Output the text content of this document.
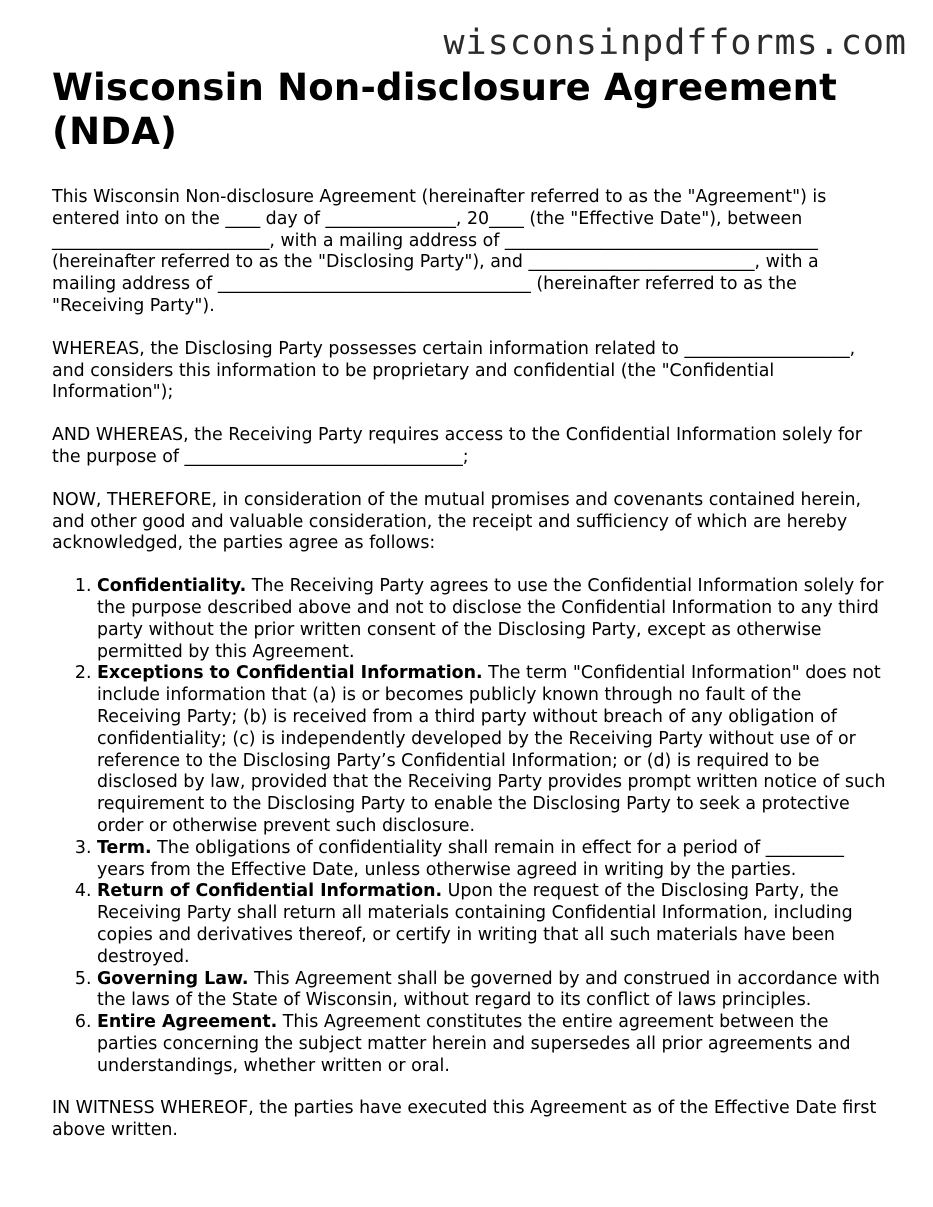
wisconsinpdfforms.com
Wisconsin Non-disclosure Agreement (NDA)

This Wisconsin Non-disclosure Agreement (hereinafter referred to as the "Agreement") is entered into on the ____ day of _______________, 20____ (the "Effective Date"), between _________________________, with a mailing address of ____________________________________ (hereinafter referred to as the "Disclosing Party"), and __________________________, with a mailing address of ____________________________________ (hereinafter referred to as the "Receiving Party").

WHEREAS, the Disclosing Party possesses certain information related to ___________________, and considers this information to be proprietary and confidential (the "Confidential Information");

AND WHEREAS, the Receiving Party requires access to the Confidential Information solely for the purpose of ________________________________;

NOW, THEREFORE, in consideration of the mutual promises and covenants contained herein, and other good and valuable consideration, the receipt and sufficiency of which are hereby acknowledged, the parties agree as follows:

1. Confidentiality. The Receiving Party agrees to use the Confidential Information solely for the purpose described above and not to disclose the Confidential Information to any third party without the prior written consent of the Disclosing Party, except as otherwise permitted by this Agreement.
2. Exceptions to Confidential Information. The term "Confidential Information" does not include information that (a) is or becomes publicly known through no fault of the Receiving Party; (b) is received from a third party without breach of any obligation of confidentiality; (c) is independently developed by the Receiving Party without use of or reference to the Disclosing Party’s Confidential Information; or (d) is required to be disclosed by law, provided that the Receiving Party provides prompt written notice of such requirement to the Disclosing Party to enable the Disclosing Party to seek a protective order or otherwise prevent such disclosure.
3. Term. The obligations of confidentiality shall remain in effect for a period of _________ years from the Effective Date, unless otherwise agreed in writing by the parties.
4. Return of Confidential Information. Upon the request of the Disclosing Party, the Receiving Party shall return all materials containing Confidential Information, including copies and derivatives thereof, or certify in writing that all such materials have been destroyed.
5. Governing Law. This Agreement shall be governed by and construed in accordance with the laws of the State of Wisconsin, without regard to its conflict of laws principles.
6. Entire Agreement. This Agreement constitutes the entire agreement between the parties concerning the subject matter herein and supersedes all prior agreements and understandings, whether written or oral.

IN WITNESS WHEREOF, the parties have executed this Agreement as of the Effective Date first above written.
